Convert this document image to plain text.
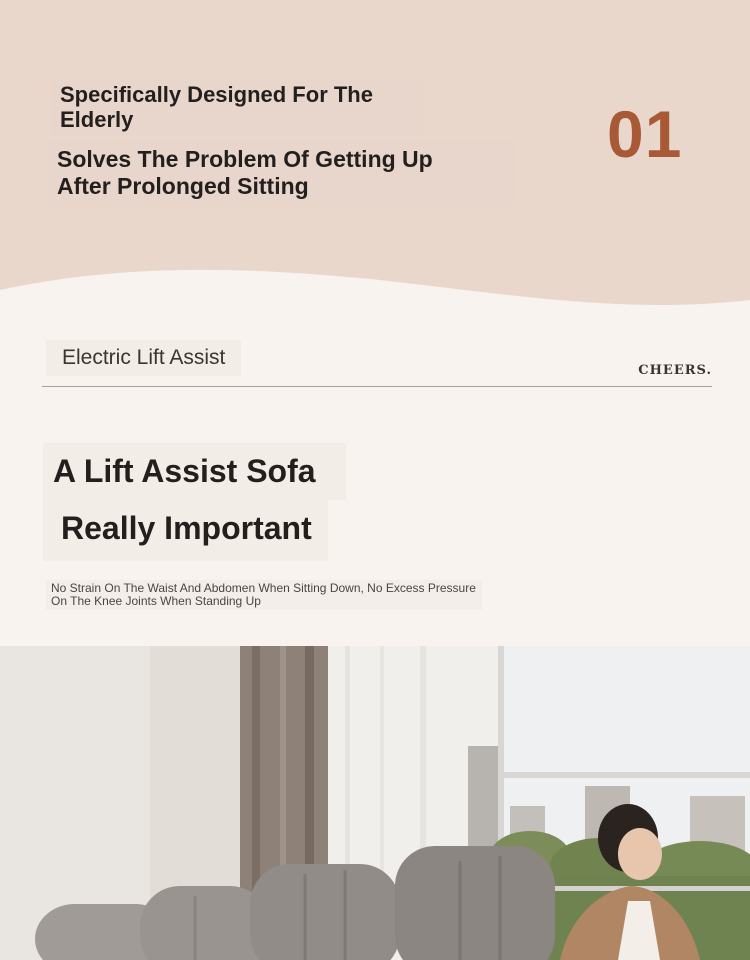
Specifically Designed For The
Elderly
Solves The Problem Of Getting Up
After Prolonged Sitting
01
Electric Lift Assist
CHEERS.
A Lift Assist Sofa
Really Important
No Strain On The Waist And Abdomen When Sitting Down, No Excess Pressure
On The Knee Joints When Standing Up
